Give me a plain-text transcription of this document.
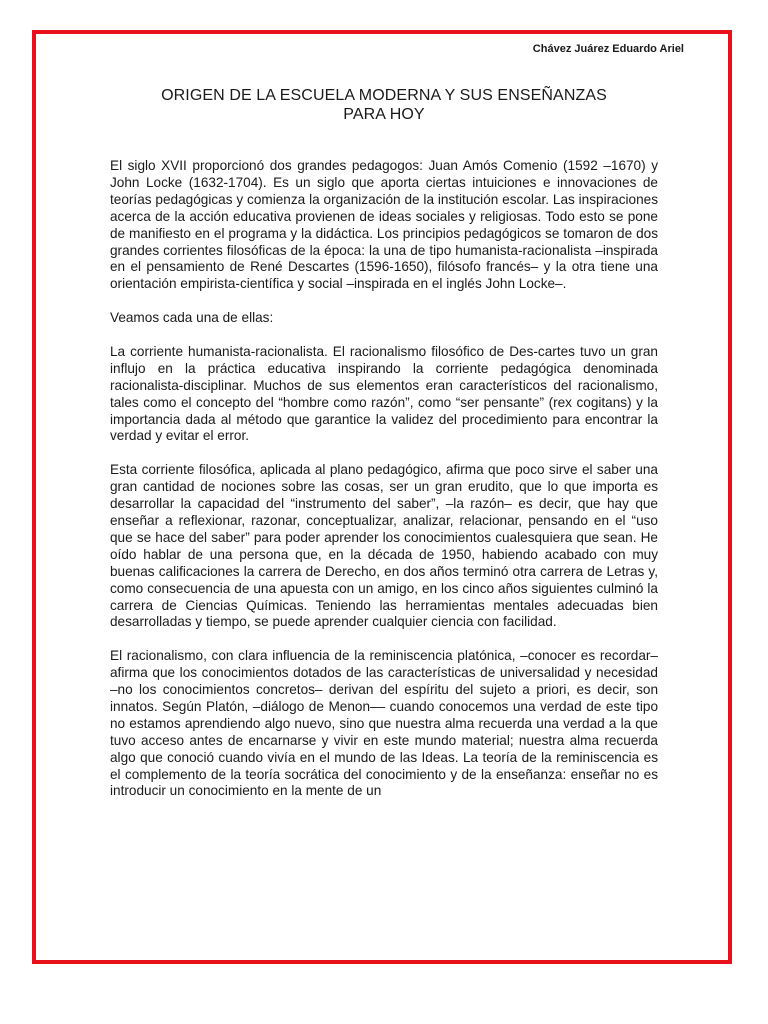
Chávez Juárez Eduardo Ariel
ORIGEN DE LA ESCUELA MODERNA Y SUS ENSEÑANZAS
PARA HOY

El siglo XVII proporcionó dos grandes pedagogos: Juan Amós Comenio (1592 –1670) y John Locke (1632-1704). Es un siglo que aporta ciertas intuiciones e innovaciones de teorías pedagógicas y comienza la organización de la institución escolar. Las inspiraciones acerca de la acción educativa provienen de ideas sociales y religiosas. Todo esto se pone de manifiesto en el programa y la didáctica. Los principios pedagógicos se tomaron de dos grandes corrientes filosóficas de la época: la una de tipo humanista-racionalista –inspirada en el pensamiento de René Descartes (1596-1650), filósofo francés– y la otra tiene una orientación empirista-científica y social –inspirada en el inglés John Locke–.

Veamos cada una de ellas:

La corriente humanista-racionalista. El racionalismo filosófico de Des-cartes tuvo un gran influjo en la práctica educativa inspirando la corriente pedagógica denominada racionalista-disciplinar. Muchos de sus elementos eran característicos del racionalismo, tales como el concepto del “hombre como razón”, como “ser pensante” (rex cogitans) y la importancia dada al método que garantice la validez del procedimiento para encontrar la verdad y evitar el error.

Esta corriente filosófica, aplicada al plano pedagógico, afirma que poco sirve el saber una gran cantidad de nociones sobre las cosas, ser un gran erudito, que lo que importa es desarrollar la capacidad del “instrumento del saber”, –la razón– es decir, que hay que enseñar a reflexionar, razonar, conceptualizar, analizar, relacionar, pensando en el “uso que se hace del saber” para poder aprender los conocimientos cualesquiera que sean. He oído hablar de una persona que, en la década de 1950, habiendo acabado con muy buenas calificaciones la carrera de Derecho, en dos años terminó otra carrera de Letras y, como consecuencia de una apuesta con un amigo, en los cinco años siguientes culminó la carrera de Ciencias Químicas. Teniendo las herramientas mentales adecuadas bien desarrolladas y tiempo, se puede aprender cualquier ciencia con facilidad.

El racionalismo, con clara influencia de la reminiscencia platónica, –conocer es recordar– afirma que los conocimientos dotados de las características de universalidad y necesidad –no los conocimientos concretos– derivan del espíritu del sujeto a priori, es decir, son innatos. Según Platón, –diálogo de Menon–– cuando conocemos una verdad de este tipo no estamos aprendiendo algo nuevo, sino que nuestra alma recuerda una verdad a la que tuvo acceso antes de encarnarse y vivir en este mundo material; nuestra alma recuerda algo que conoció cuando vivía en el mundo de las Ideas. La teoría de la reminiscencia es el complemento de la teoría socrática del conocimiento y de la enseñanza: enseñar no es introducir un conocimiento en la mente de un
